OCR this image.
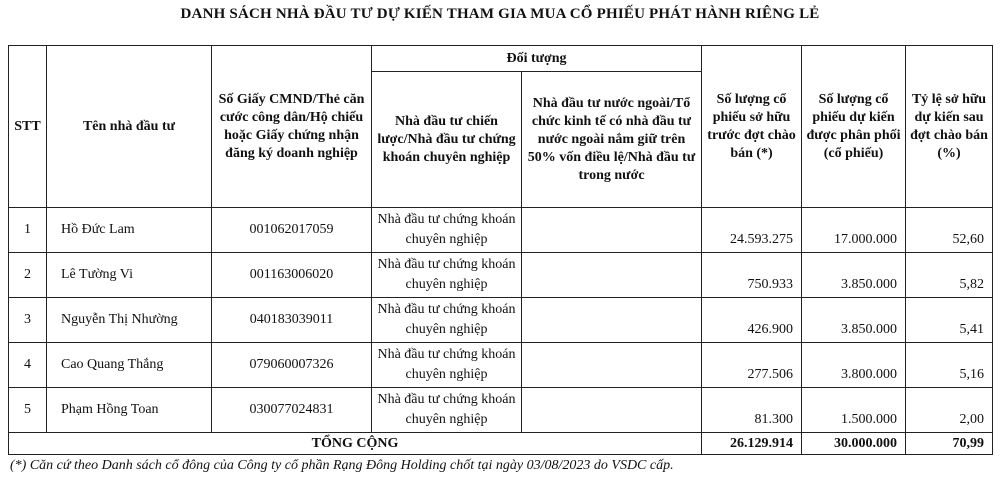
DANH SÁCH NHÀ ĐẦU TƯ DỰ KIẾN THAM GIA MUA CỔ PHIẾU PHÁT HÀNH RIÊNG LẺ
STT	Tên nhà đầu tư	Số Giấy CMND/Thẻ căn cước công dân/Hộ chiếu hoặc Giấy chứng nhận đăng ký doanh nghiệp	Đối tượng		Số lượng cổ phiếu sở hữu trước đợt chào bán (*)	Số lượng cổ phiếu dự kiến được phân phối (cổ phiếu)	Tỷ lệ sở hữu dự kiến sau đợt chào bán (%)
			Nhà đầu tư chiến lược/Nhà đầu tư chứng khoán chuyên nghiệp	Nhà đầu tư nước ngoài/Tổ chức kinh tế có nhà đầu tư nước ngoài nắm giữ trên 50% vốn điều lệ/Nhà đầu tư trong nước			
1	Hồ Đức Lam	001062017059	Nhà đầu tư chứng khoán chuyên nghiệp		24.593.275	17.000.000	52,60
2	Lê Tường Vi	001163006020	Nhà đầu tư chứng khoán chuyên nghiệp		750.933	3.850.000	5,82
3	Nguyễn Thị Nhường	040183039011	Nhà đầu tư chứng khoán chuyên nghiệp		426.900	3.850.000	5,41
4	Cao Quang Thắng	079060007326	Nhà đầu tư chứng khoán chuyên nghiệp		277.506	3.800.000	5,16
5	Phạm Hồng Toan	030077024831	Nhà đầu tư chứng khoán chuyên nghiệp		81.300	1.500.000	2,00
TỔNG CỘNG					26.129.914	30.000.000	70,99
(*) Căn cứ theo Danh sách cổ đông của Công ty cổ phần Rạng Đông Holding chốt tại ngày 03/08/2023 do VSDC cấp.
